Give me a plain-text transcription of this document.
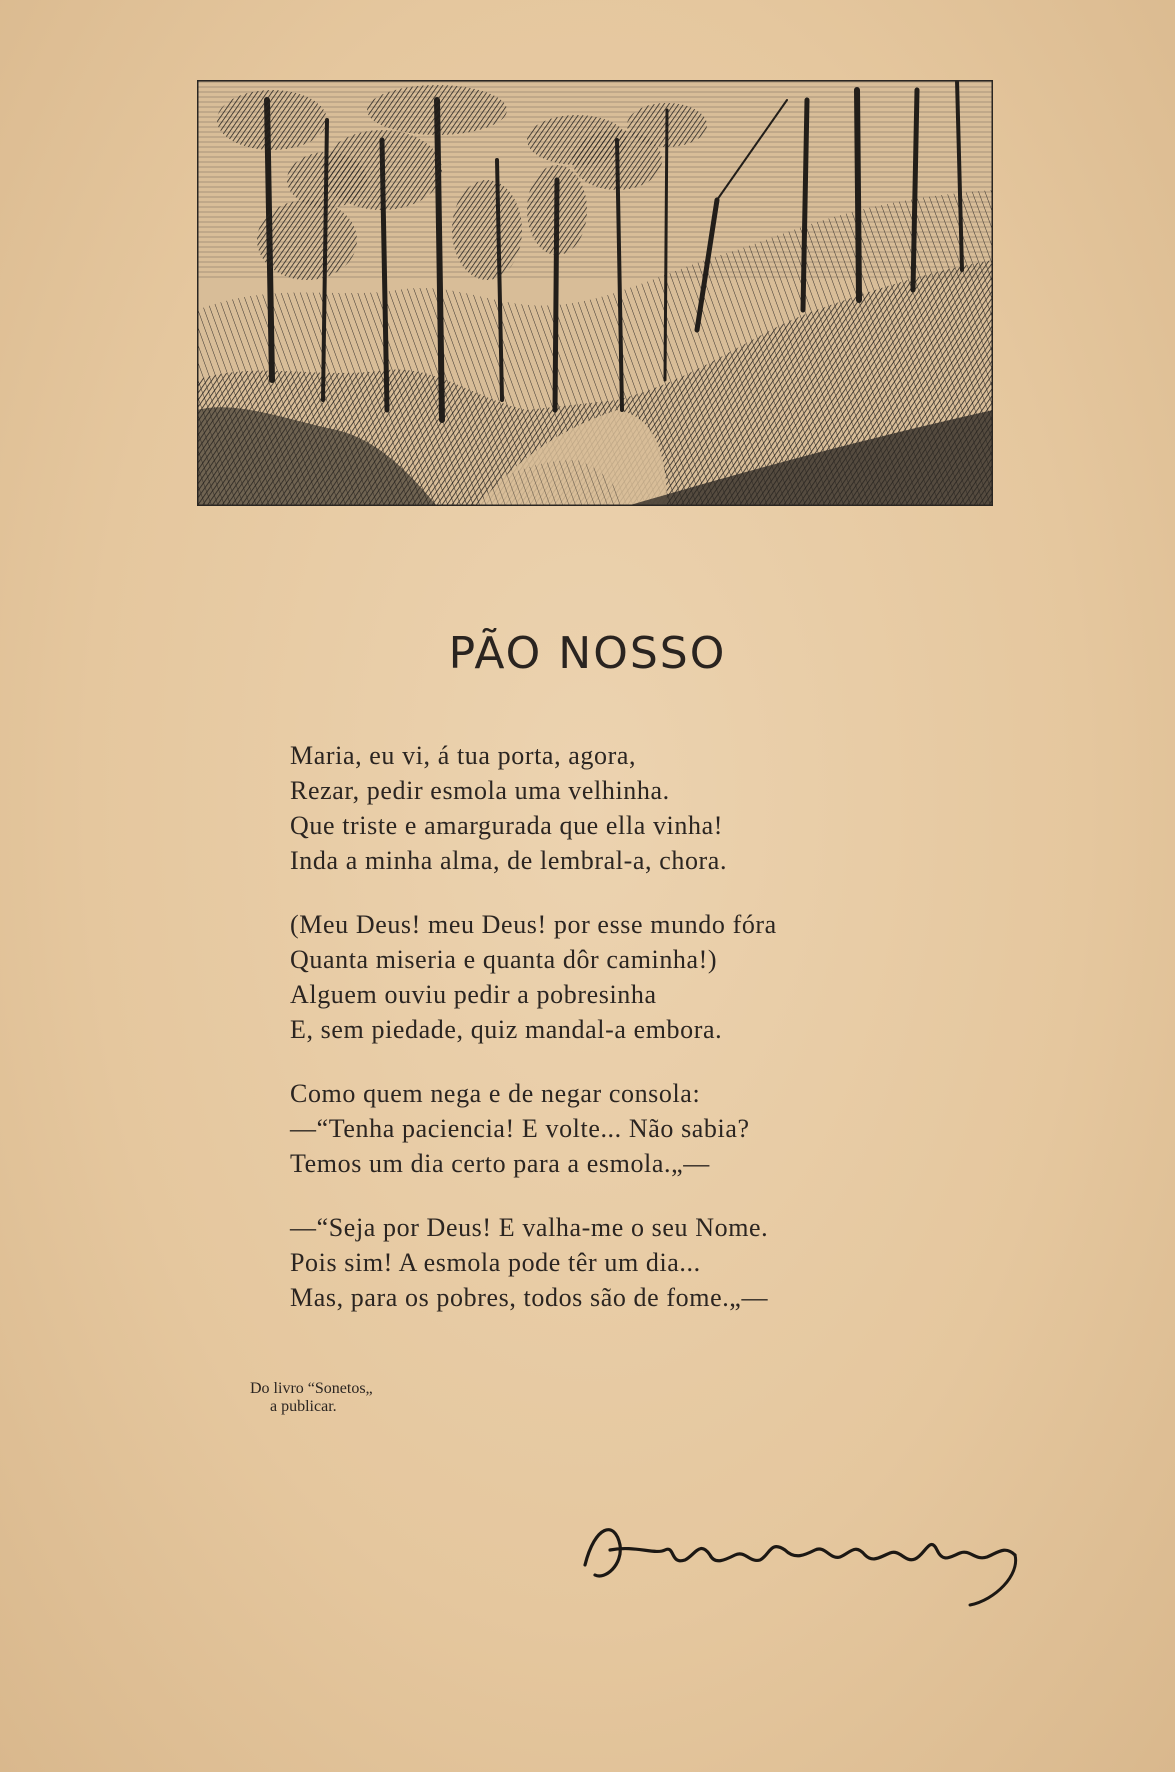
PÃO NOSSO
Maria, eu vi, á tua porta, agora,
Rezar, pedir esmola uma velhinha.
Que triste e amargurada que ella vinha!
Inda a minha alma, de lembral-a, chora.
(Meu Deus! meu Deus! por esse mundo fóra
Quanta miseria e quanta dôr caminha!)
Alguem ouviu pedir a pobresinha
E, sem piedade, quiz mandal-a embora.
Como quem nega e de negar consola:
—“Tenha paciencia! E volte... Não sabia?
Temos um dia certo para a esmola.„—
—“Seja por Deus! E valha-me o seu Nome.
Pois sim! A esmola pode têr um dia...
Mas, para os pobres, todos são de fome.„—
Do livro “Sonetos„
a publicar.
